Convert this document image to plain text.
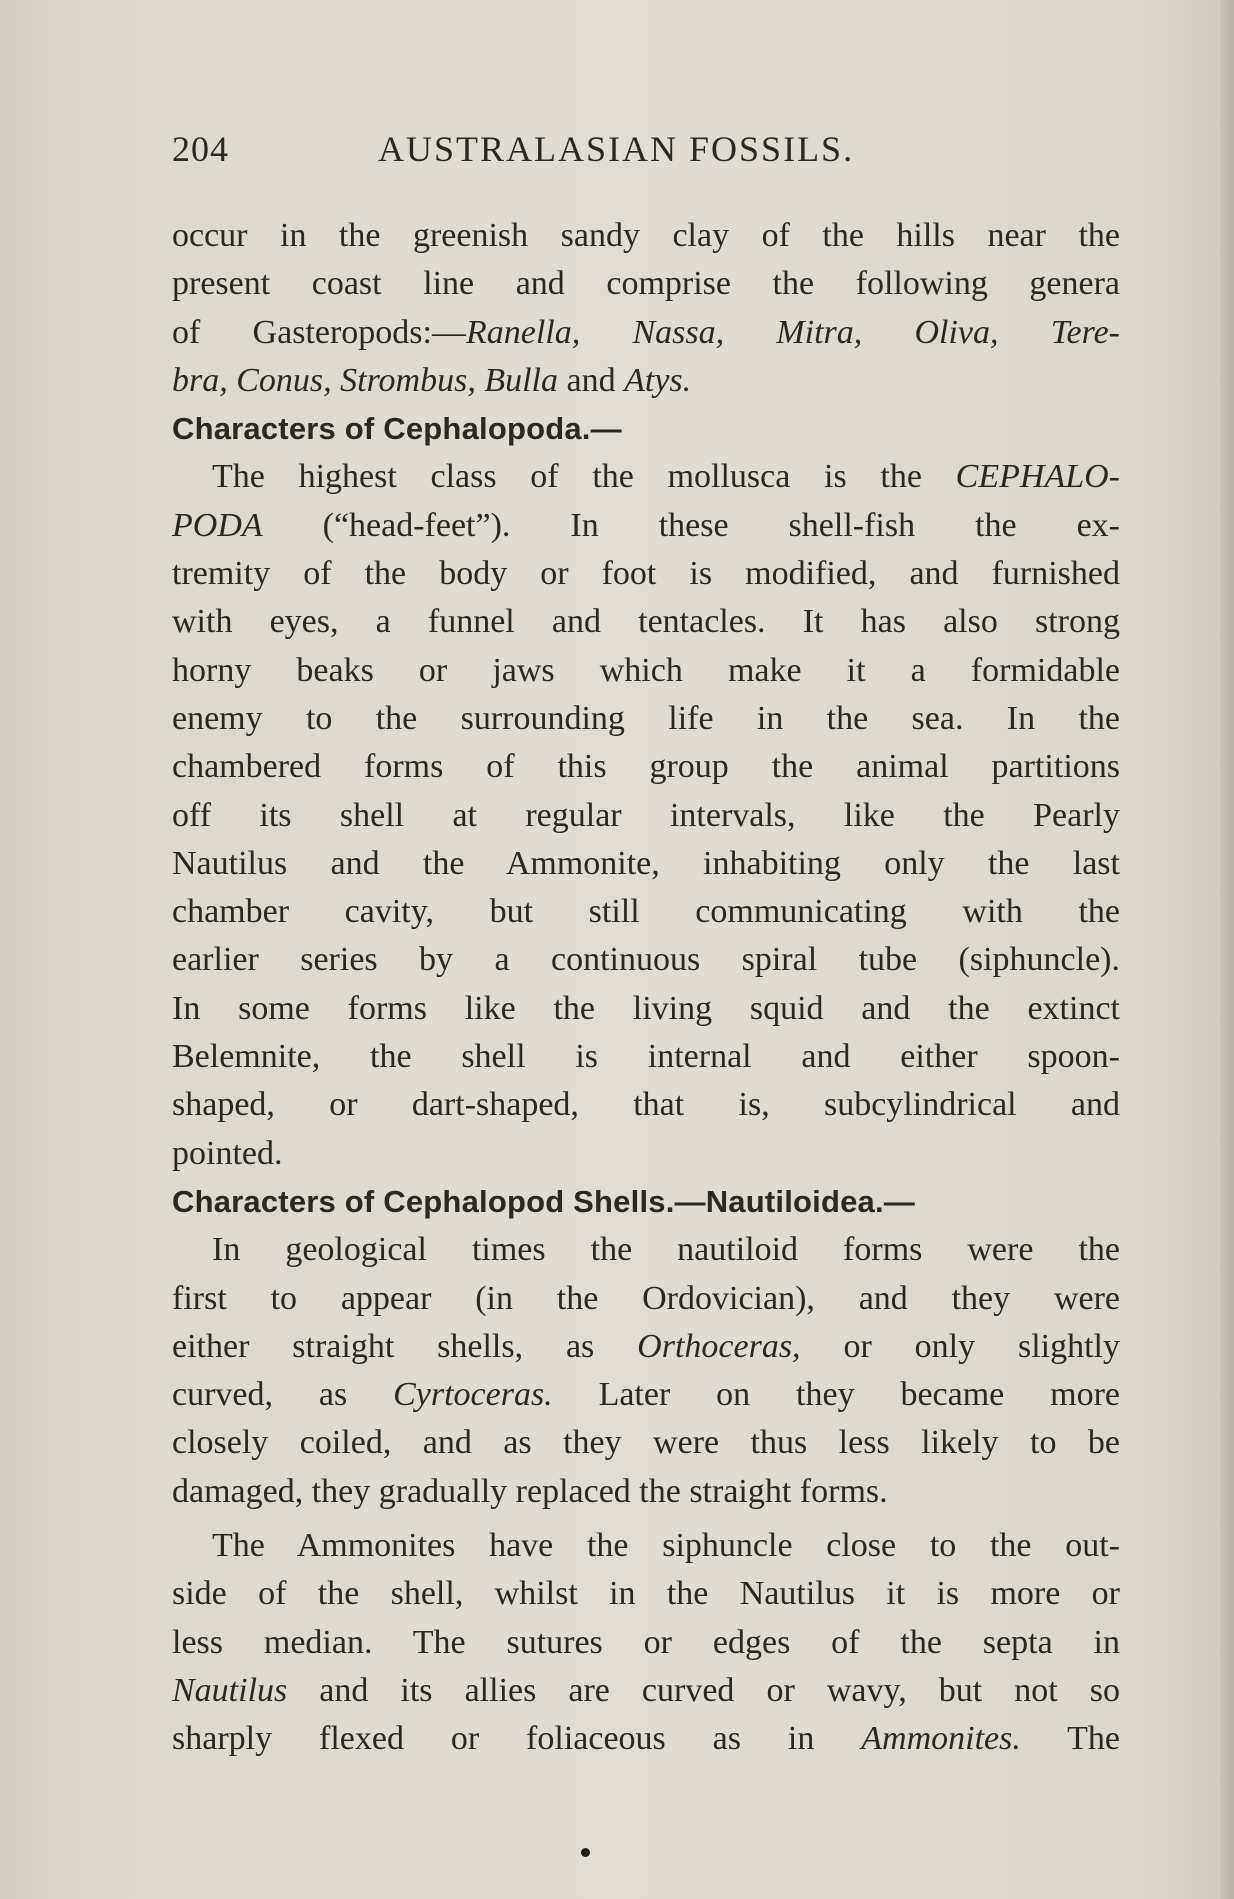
204	AUSTRALASIAN FOSSILS.
occur in the greenish sandy clay of the hills near the
present coast line and comprise the following genera
of Gasteropods:—Ranella, Nassa, Mitra, Oliva, Tere-
bra, Conus, Strombus, Bulla and Atys.
Characters of Cephalopoda.—
The highest class of the mollusca is the CEPHALO-
PODA (“head-feet”). In these shell-fish the ex-
tremity of the body or foot is modified, and furnished
with eyes, a funnel and tentacles. It has also strong
horny beaks or jaws which make it a formidable
enemy to the surrounding life in the sea. In the
chambered forms of this group the animal partitions
off its shell at regular intervals, like the Pearly
Nautilus and the Ammonite, inhabiting only the last
chamber cavity, but still communicating with the
earlier series by a continuous spiral tube (siphuncle).
In some forms like the living squid and the extinct
Belemnite, the shell is internal and either spoon-
shaped, or dart-shaped, that is, subcylindrical and
pointed.
Characters of Cephalopod Shells.—Nautiloidea.—
In geological times the nautiloid forms were the
first to appear (in the Ordovician), and they were
either straight shells, as Orthoceras, or only slightly
curved, as Cyrtoceras. Later on they became more
closely coiled, and as they were thus less likely to be
damaged, they gradually replaced the straight forms.
The Ammonites have the siphuncle close to the out-
side of the shell, whilst in the Nautilus it is more or
less median. The sutures or edges of the septa in
Nautilus and its allies are curved or wavy, but not so
sharply flexed or foliaceous as in Ammonites. The
